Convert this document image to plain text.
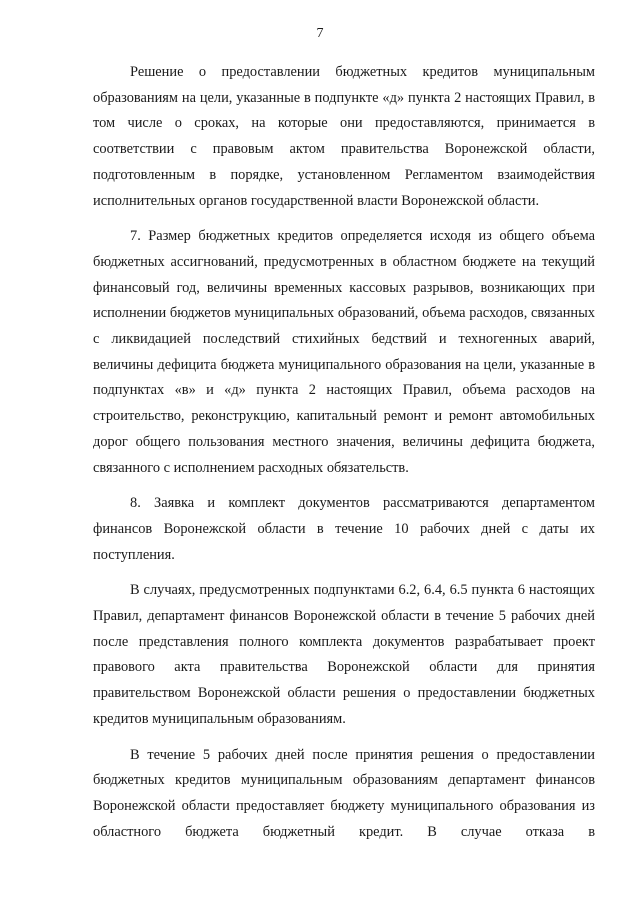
7

Решение о предоставлении бюджетных кредитов муниципальным образованиям на цели, указанные в подпункте «д» пункта 2 настоящих Правил, в том числе о сроках, на которые они предоставляются, принимается в соответствии с правовым актом правительства Воронежской области, подготовленным в порядке, установленном Регламентом взаимодействия исполнительных органов государственной власти Воронежской области.

7. Размер бюджетных кредитов определяется исходя из общего объема бюджетных ассигнований, предусмотренных в областном бюджете на текущий финансовый год, величины временных кассовых разрывов, возникающих при исполнении бюджетов муниципальных образований, объема расходов, связанных с ликвидацией последствий стихийных бедствий и техногенных аварий, величины дефицита бюджета муниципального образования на цели, указанные в подпунктах «в» и «д» пункта 2 настоящих Правил, объема расходов на строительство, реконструкцию, капитальный ремонт и ремонт автомобильных дорог общего пользования местного значения, величины дефицита бюджета, связанного с исполнением расходных обязательств.

8. Заявка и комплект документов рассматриваются департаментом финансов Воронежской области в течение 10 рабочих дней с даты их поступления.

В случаях, предусмотренных подпунктами 6.2, 6.4, 6.5 пункта 6 настоящих Правил, департамент финансов Воронежской области в течение 5 рабочих дней после представления полного комплекта документов разрабатывает проект правового акта правительства Воронежской области для принятия правительством Воронежской области решения о предоставлении бюджетных кредитов муниципальным образованиям.

В течение 5 рабочих дней после принятия решения о предоставлении бюджетных кредитов муниципальным образованиям департамент финансов Воронежской области предоставляет бюджету муниципального образования из областного бюджета бюджетный кредит. В случае отказа в
